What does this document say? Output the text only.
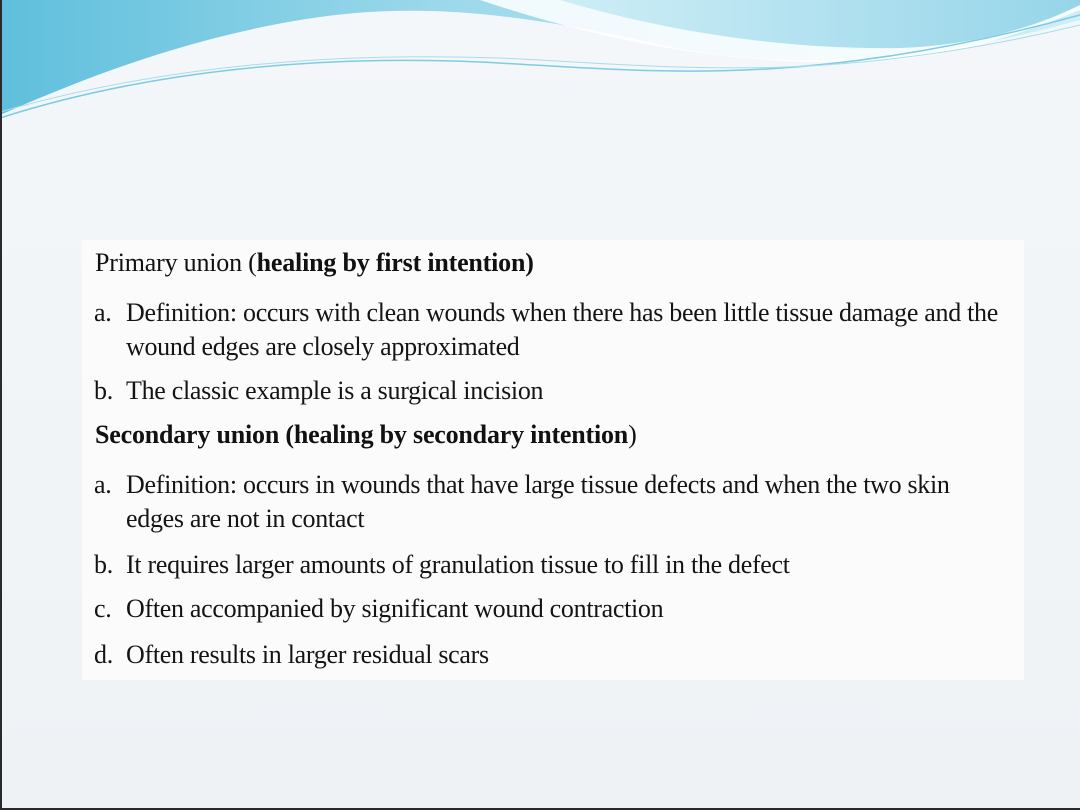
Primary union (healing by first intention)
a. Definition: occurs with clean wounds when there has been little tissue damage and the wound edges are closely approximated
b. The classic example is a surgical incision
Secondary union (healing by secondary intention)
a. Definition: occurs in wounds that have large tissue defects and when the two skin edges are not in contact
b. It requires larger amounts of granulation tissue to fill in the defect
c. Often accompanied by significant wound contraction
d. Often results in larger residual scars
